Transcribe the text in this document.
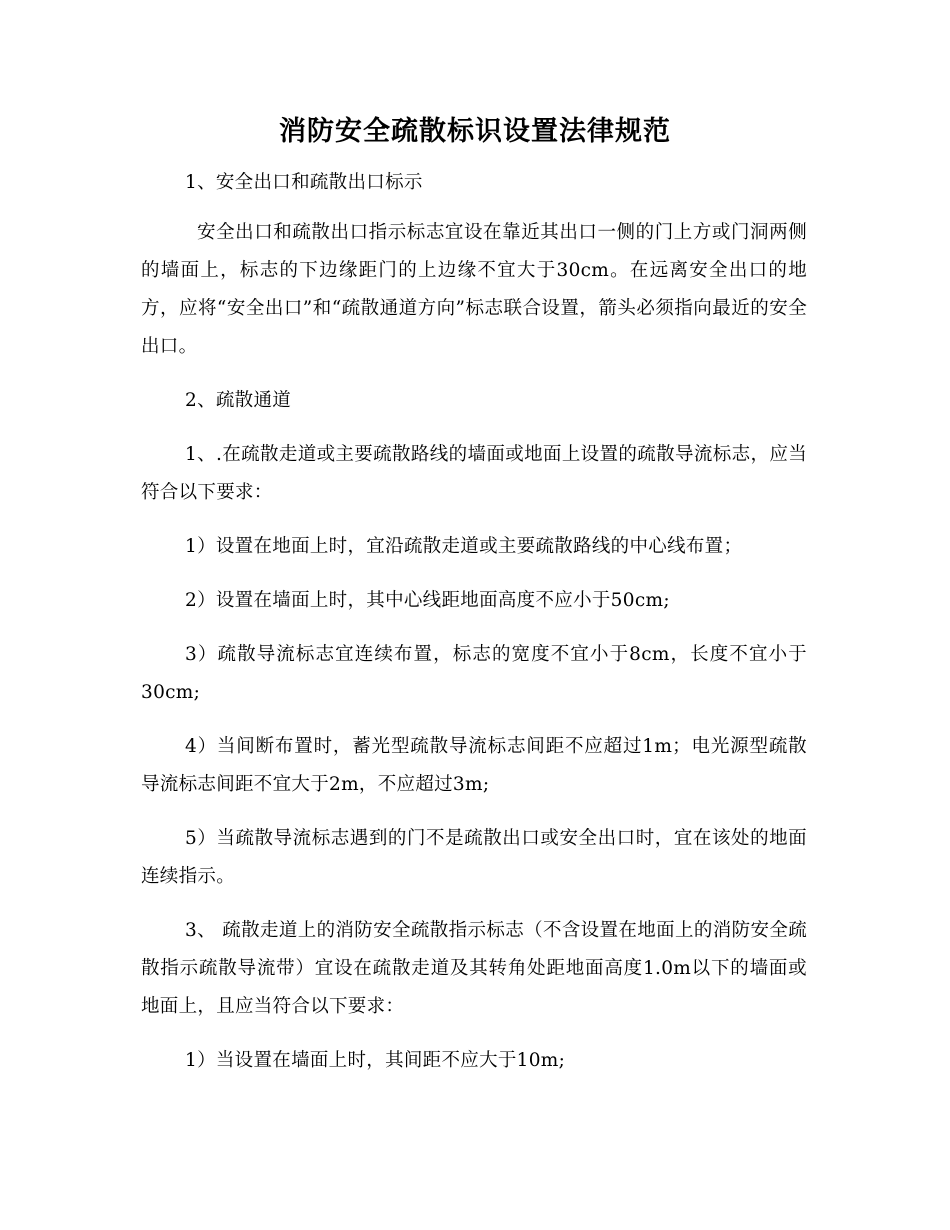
消防安全疏散标识设置法律规范

1、安全出口和疏散出口标示

安全出口和疏散出口指示标志宜设在靠近其出口一侧的门上方或门洞两侧的墙面上，标志的下边缘距门的上边缘不宜大于30cm。在远离安全出口的地方，应将“安全出口”和“疏散通道方向”标志联合设置，箭头必须指向最近的安全出口。

2、疏散通道

1、.在疏散走道或主要疏散路线的墙面或地面上设置的疏散导流标志，应当符合以下要求：

1）设置在地面上时，宜沿疏散走道或主要疏散路线的中心线布置；

2）设置在墙面上时，其中心线距地面高度不应小于50cm;

3）疏散导流标志宜连续布置，标志的宽度不宜小于8cm，长度不宜小于30cm;

4）当间断布置时，蓄光型疏散导流标志间距不应超过1m；电光源型疏散导流标志间距不宜大于2m，不应超过3m;

5）当疏散导流标志遇到的门不是疏散出口或安全出口时，宜在该处的地面连续指示。

3、 疏散走道上的消防安全疏散指示标志（不含设置在地面上的消防安全疏散指示疏散导流带）宜设在疏散走道及其转角处距地面高度1.0m以下的墙面或地面上，且应当符合以下要求：

1）当设置在墙面上时，其间距不应大于10m;
